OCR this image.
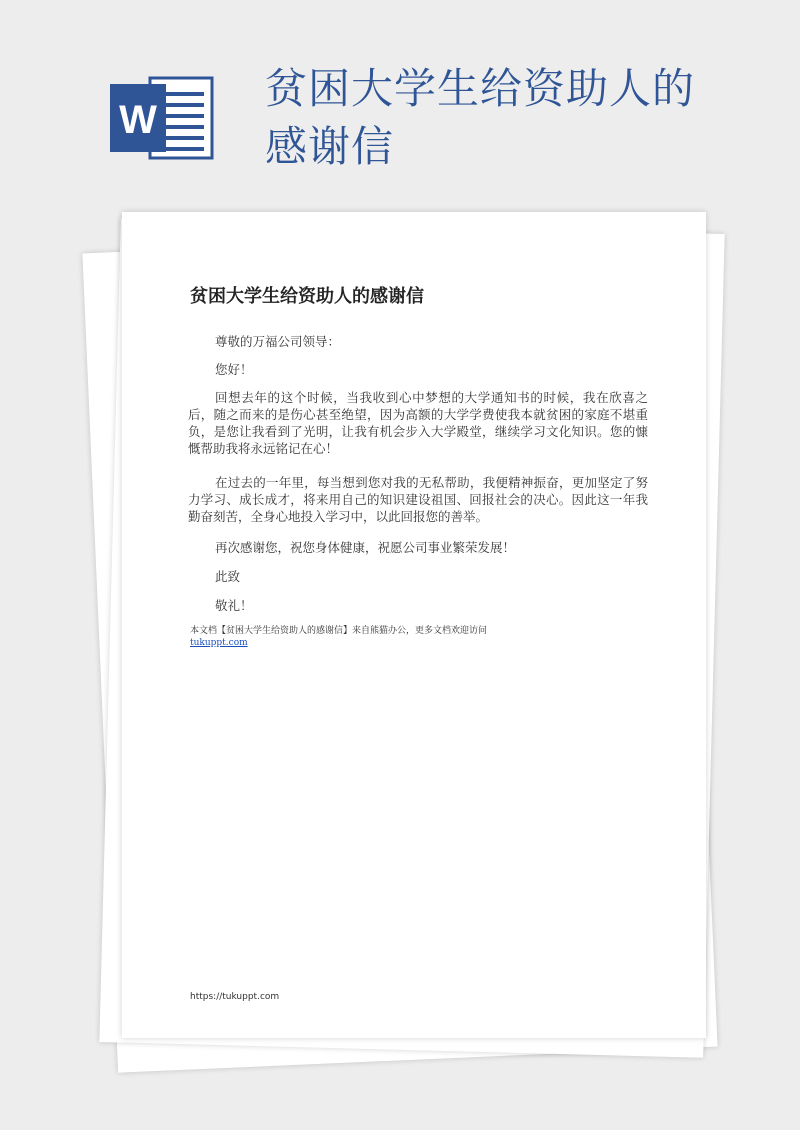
W
贫困大学生给资助人的感谢信
贫困大学生给资助人的感谢信

尊敬的万福公司领导：

您好！

回想去年的这个时候，当我收到心中梦想的大学通知书的时候，我在欣喜之后，随之而来的是伤心甚至绝望，因为高额的大学学费使我本就贫困的家庭不堪重负，是您让我看到了光明，让我有机会步入大学殿堂，继续学习文化知识。您的慷慨帮助我将永远铭记在心！

在过去的一年里，每当想到您对我的无私帮助，我便精神振奋，更加坚定了努力学习、成长成才，将来用自己的知识建设祖国、回报社会的决心。因此这一年我勤奋刻苦，全身心地投入学习中，以此回报您的善举。

再次感谢您，祝您身体健康，祝愿公司事业繁荣发展！

此致

敬礼！

本文档【贫困大学生给资助人的感谢信】来自熊猫办公，更多文档欢迎访问
tukuppt.com
https://tukuppt.com
